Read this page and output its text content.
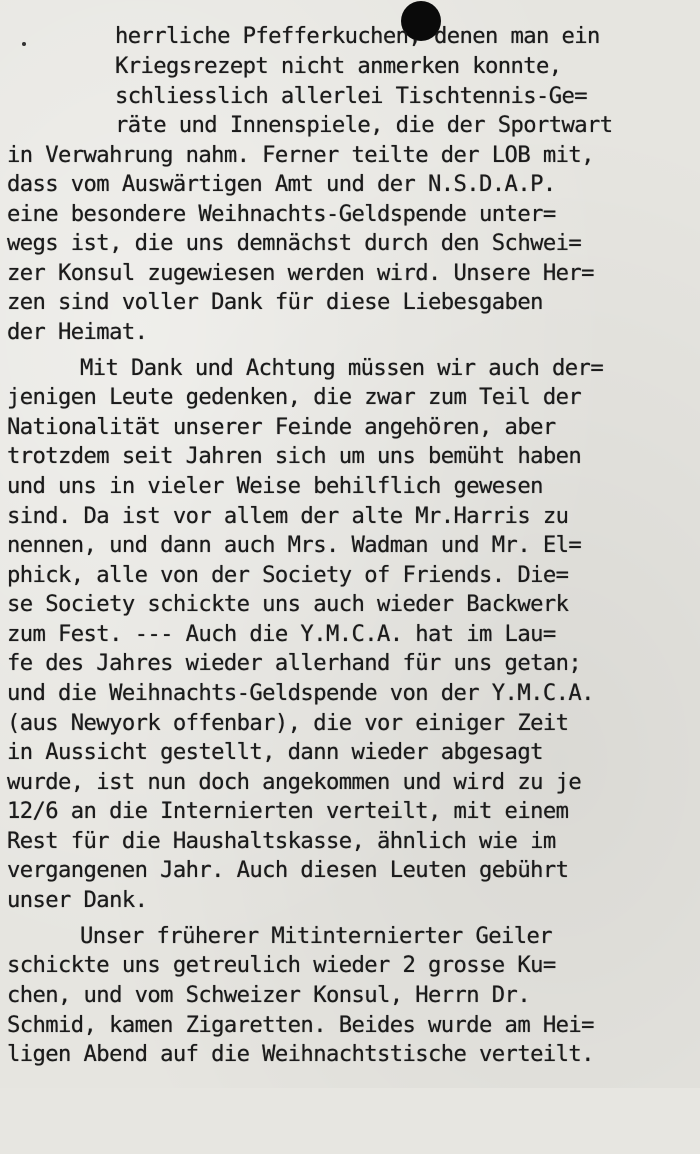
herrliche Pfefferkuchen, denen man ein

Kriegsrezept nicht anmerken konnte,

schliesslich allerlei Tischtennis-Ge=

räte und Innenspiele, die der Sportwart

in Verwahrung nahm. Ferner teilte der LOB mit,

dass vom Auswärtigen Amt und der N.S.D.A.P.

eine besondere Weihnachts-Geldspende unter=

wegs ist, die uns demnächst durch den Schwei=

zer Konsul zugewiesen werden wird. Unsere Her=

zen sind voller Dank für diese Liebesgaben

der Heimat.

Mit Dank und Achtung müssen wir auch der=

jenigen Leute gedenken, die zwar zum Teil der

Nationalität unserer Feinde angehören, aber

trotzdem seit Jahren sich um uns bemüht haben

und uns in vieler Weise behilflich gewesen

sind. Da ist vor allem der alte Mr.Harris zu

nennen, und dann auch Mrs. Wadman und Mr. El=

phick, alle von der Society of Friends. Die=

se Society schickte uns auch wieder Backwerk

zum Fest. --- Auch die Y.M.C.A. hat im Lau=

fe des Jahres wieder allerhand für uns getan;

und die Weihnachts-Geldspende von der Y.M.C.A.

(aus Newyork offenbar), die vor einiger Zeit

in Aussicht gestellt, dann wieder abgesagt

wurde, ist nun doch angekommen und wird zu je

12/6 an die Internierten verteilt, mit einem

Rest für die Haushaltskasse, ähnlich wie im

vergangenen Jahr. Auch diesen Leuten gebührt

unser Dank.

Unser früherer Mitinternierter Geiler

schickte uns getreulich wieder 2 grosse Ku=

chen, und vom Schweizer Konsul, Herrn Dr.

Schmid, kamen Zigaretten. Beides wurde am Hei=

ligen Abend auf die Weihnachtstische verteilt.
